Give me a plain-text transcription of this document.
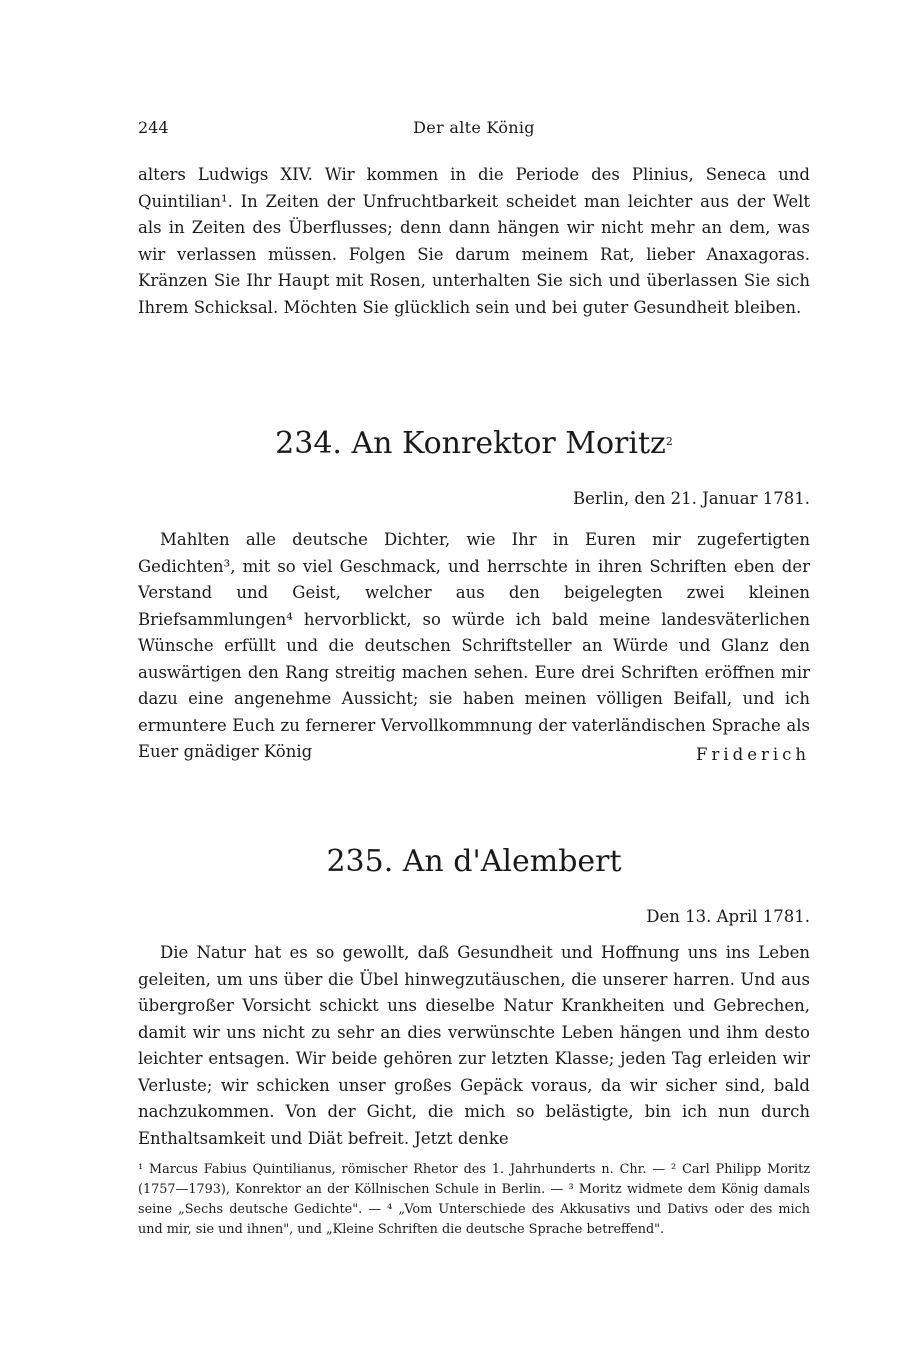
244	Der alte König

alters Ludwigs XIV. Wir kommen in die Periode des Plinius, Seneca und Quintilian¹. In Zeiten der Unfruchtbarkeit scheidet man leichter aus der Welt als in Zeiten des Überflusses; denn dann hängen wir nicht mehr an dem, was wir verlassen müssen. Folgen Sie darum meinem Rat, lieber Anaxagoras. Kränzen Sie Ihr Haupt mit Rosen, unterhalten Sie sich und überlassen Sie sich Ihrem Schicksal. Möchten Sie glücklich sein und bei guter Gesundheit bleiben.

234. An Konrektor Moritz$^2$
Berlin, den 21. Januar 1781.

Mahlten alle deutsche Dichter, wie Ihr in Euren mir zugefertigten Gedichten³, mit so viel Geschmack, und herrschte in ihren Schriften eben der Verstand und Geist, welcher aus den beigelegten zwei kleinen Briefsammlungen⁴ hervorblickt, so würde ich bald meine landesväterlichen Wünsche erfüllt und die deutschen Schriftsteller an Würde und Glanz den auswärtigen den Rang streitig machen sehen. Eure drei Schriften eröffnen mir dazu eine angenehme Aussicht; sie haben meinen völligen Beifall, und ich ermuntere Euch zu fernerer Vervollkommnung der vaterländischen Sprache als Euer gnädiger König	Friderich
235. An d'Alembert
Den 13. April 1781.

Die Natur hat es so gewollt, daß Gesundheit und Hoffnung uns ins Leben geleiten, um uns über die Übel hinwegzutäuschen, die unserer harren. Und aus übergroßer Vorsicht schickt uns dieselbe Natur Krankheiten und Gebrechen, damit wir uns nicht zu sehr an dies verwünschte Leben hängen und ihm desto leichter entsagen. Wir beide gehören zur letzten Klasse; jeden Tag erleiden wir Verluste; wir schicken unser großes Gepäck voraus, da wir sicher sind, bald nachzukommen. Von der Gicht, die mich so belästigte, bin ich nun durch Enthaltsamkeit und Diät befreit. Jetzt denke

¹ Marcus Fabius Quintilianus, römischer Rhetor des 1. Jahrhunderts n. Chr. — ² Carl Philipp Moritz (1757—1793), Konrektor an der Köllnischen Schule in Berlin. — ³ Moritz widmete dem König damals seine „Sechs deutsche Gedichte". — ⁴ „Vom Unterschiede des Akkusativs und Dativs oder des mich und mir, sie und ihnen", und „Kleine Schriften die deutsche Sprache betreffend".
